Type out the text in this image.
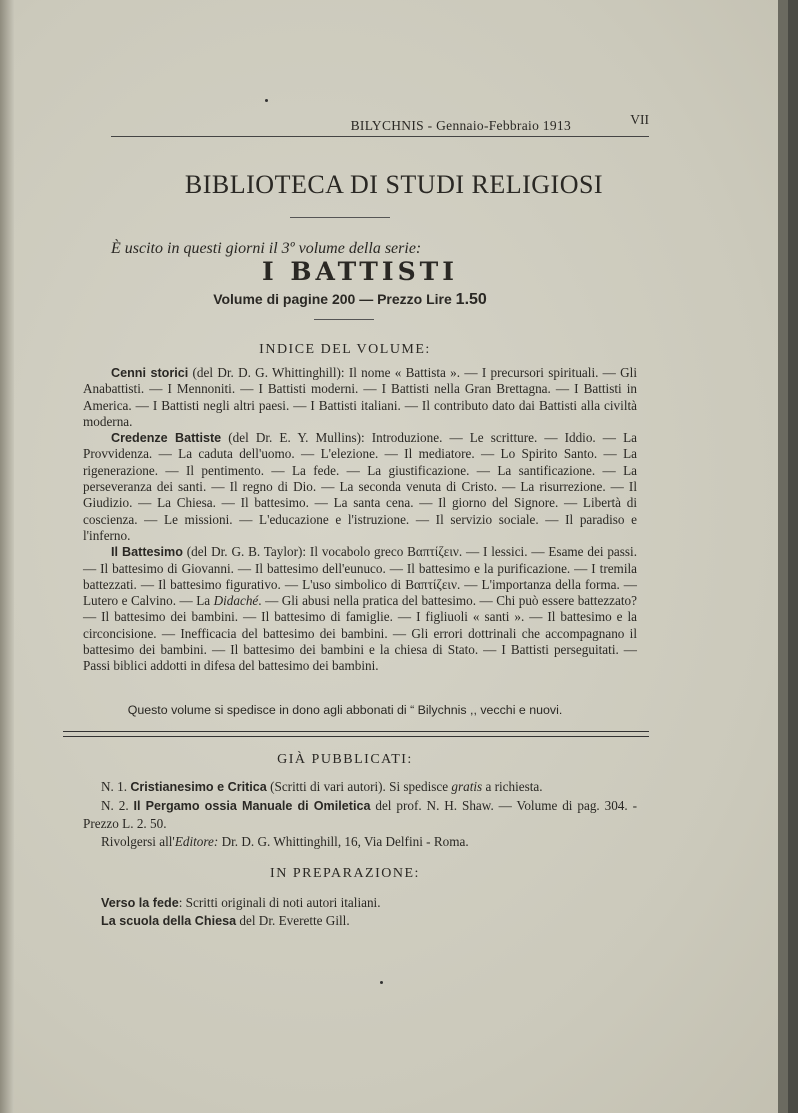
BILYCHNIS - Gennaio-Febbraio 1913	VII
BIBLIOTECA DI STUDI RELIGIOSI
È uscito in questi giorni il 3º volume della serie:
I BATTISTI
Volume di pagine 200 — Prezzo Lire 1.50
INDICE DEL VOLUME:

Cenni storici (del Dr. D. G. Whittinghill): Il nome « Battista ». — I precursori spirituali. — Gli Anabattisti. — I Mennoniti. — I Battisti moderni. — I Battisti nella Gran Brettagna. — I Battisti in America. — I Battisti negli altri paesi. — I Battisti italiani. — Il contributo dato dai Battisti alla civiltà moderna.

Credenze Battiste (del Dr. E. Y. Mullins): Introduzione. — Le scritture. — Iddio. — La Provvidenza. — La caduta dell'uomo. — L'elezione. — Il mediatore. — Lo Spirito Santo. — La rigenerazione. — Il pentimento. — La fede. — La giustificazione. — La santificazione. — La perseveranza dei santi. — Il regno di Dio. — La seconda venuta di Cristo. — La risurrezione. — Il Giudizio. — La Chiesa. — Il battesimo. — La santa cena. — Il giorno del Signore. — Libertà di coscienza. — Le missioni. — L'educazione e l'istruzione. — Il servizio sociale. — Il paradiso e l'inferno.

Il Battesimo (del Dr. G. B. Taylor): Il vocabolo greco Βαπτίζειν. — I lessici. — Esame dei passi. — Il battesimo di Giovanni. — Il battesimo dell'eunuco. — Il battesimo e la purificazione. — I tremila battezzati. — Il battesimo figurativo. — L'uso simbolico di Βαπτίζειν. — L'importanza della forma. — Lutero e Calvino. — La Didaché. — Gli abusi nella pratica del battesimo. — Chi può essere battezzato? — Il battesimo dei bambini. — Il battesimo di famiglie. — I figliuoli « santi ». — Il battesimo e la circoncisione. — Inefficacia del battesimo dei bambini. — Gli errori dottrinali che accompagnano il battesimo dei bambini. — Il battesimo dei bambini e la chiesa di Stato. — I Battisti perseguitati. — Passi biblici addotti in difesa del battesimo dei bambini.

Questo volume si spedisce in dono agli abbonati di “ Bilychnis ,, vecchi e nuovi.
GIÀ PUBBLICATI:

N. 1. Cristianesimo e Critica (Scritti di vari autori). Si spedisce gratis a richiesta.

N. 2. Il Pergamo ossia Manuale di Omiletica del prof. N. H. Shaw. — Volume di pag. 304. - Prezzo L. 2. 50.

Rivolgersi all'Editore: Dr. D. G. Whittinghill, 16, Via Delfini - Roma.

IN PREPARAZIONE:
Verso la fede: Scritti originali di noti autori italiani.
La scuola della Chiesa del Dr. Everette Gill.
